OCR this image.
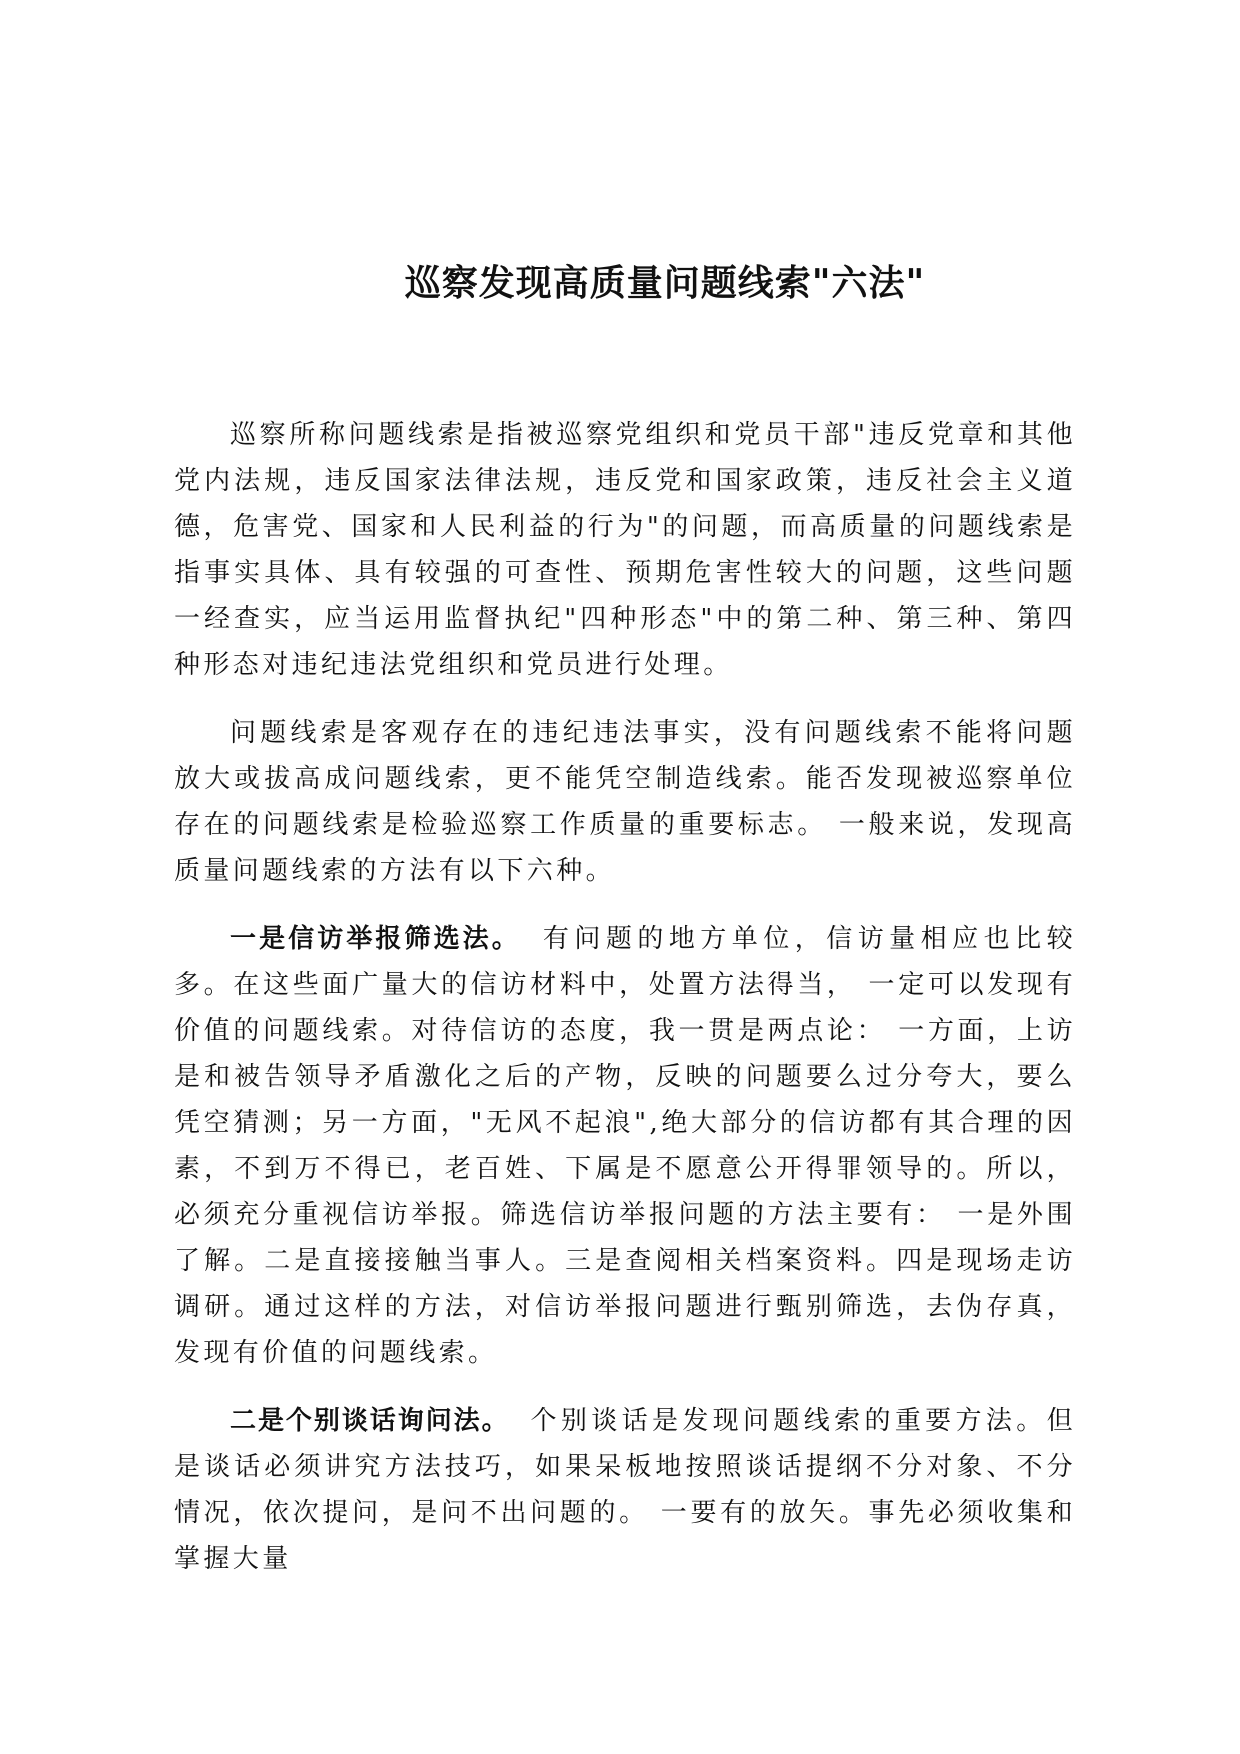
巡察发现高质量问题线索"六法"

巡察所称问题线索是指被巡察党组织和党员干部"违反党章和其他党内法规，违反国家法律法规，违反党和国家政策，违反社会主义道德，危害党、国家和人民利益的行为"的问题，而高质量的问题线索是指事实具体、具有较强的可查性、预期危害性较大的问题，这些问题一经查实，应当运用监督执纪"四种形态"中的第二种、第三种、第四种形态对违纪违法党组织和党员进行处理。

问题线索是客观存在的违纪违法事实，没有问题线索不能将问题放大或拔高成问题线索，更不能凭空制造线索。能否发现被巡察单位存在的问题线索是检验巡察工作质量的重要标志。 一般来说，发现高质量问题线索的方法有以下六种。

一是信访举报筛选法。 有问题的地方单位，信访量相应也比较多。在这些面广量大的信访材料中，处置方法得当， 一定可以发现有价值的问题线索。对待信访的态度，我一贯是两点论： 一方面，上访是和被告领导矛盾激化之后的产物，反映的问题要么过分夸大，要么凭空猜测；另一方面，"无风不起浪",绝大部分的信访都有其合理的因素，不到万不得已，老百姓、下属是不愿意公开得罪领导的。所以，必须充分重视信访举报。筛选信访举报问题的方法主要有： 一是外围了解。二是直接接触当事人。三是查阅相关档案资料。四是现场走访调研。通过这样的方法，对信访举报问题进行甄别筛选，去伪存真，发现有价值的问题线索。

二是个别谈话询问法。 个别谈话是发现问题线索的重要方法。但是谈话必须讲究方法技巧，如果呆板地按照谈话提纲不分对象、不分情况，依次提问，是问不出问题的。 一要有的放矢。事先必须收集和掌握大量
